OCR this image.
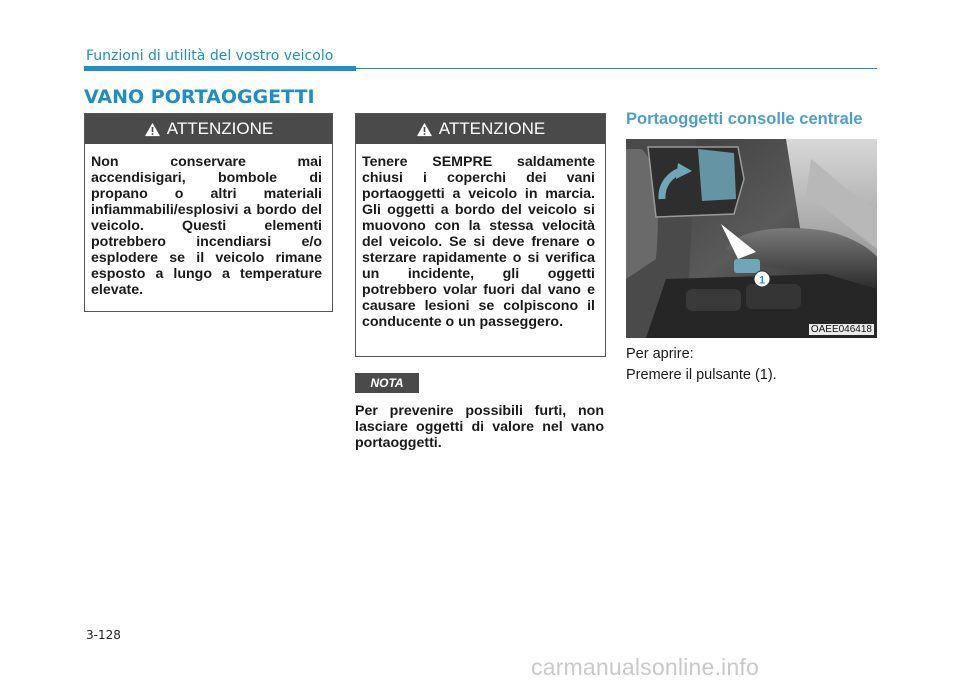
Funzioni di utilità del vostro veicolo
VANO PORTAOGGETTI
ATTENZIONE

Non conservare mai accendisigari, bombole di propano o altri materiali infiammabili/esplosivi a bordo del veicolo. Questi elementi potrebbero incendiarsi e/o esplodere se il veicolo rimane esposto a lungo a temperature elevate.

ATTENZIONE

Tenere SEMPRE saldamente chiusi i coperchi dei vani portaoggetti a veicolo in marcia. Gli oggetti a bordo del veicolo si muovono con la stessa velocità del veicolo. Se si deve frenare o sterzare rapidamente o si verifica un incidente, gli oggetti potrebbero volar fuori dal vano e causare lesioni se colpiscono il conducente o un passeggero.

NOTA

Per prevenire possibili furti, non lasciare oggetti di valore nel vano portaoggetti.

Portaoggetti consolle centrale
1
OAEE046418

Per aprire:

Premere il pulsante (1).

3-128
carmanualsonline.info
